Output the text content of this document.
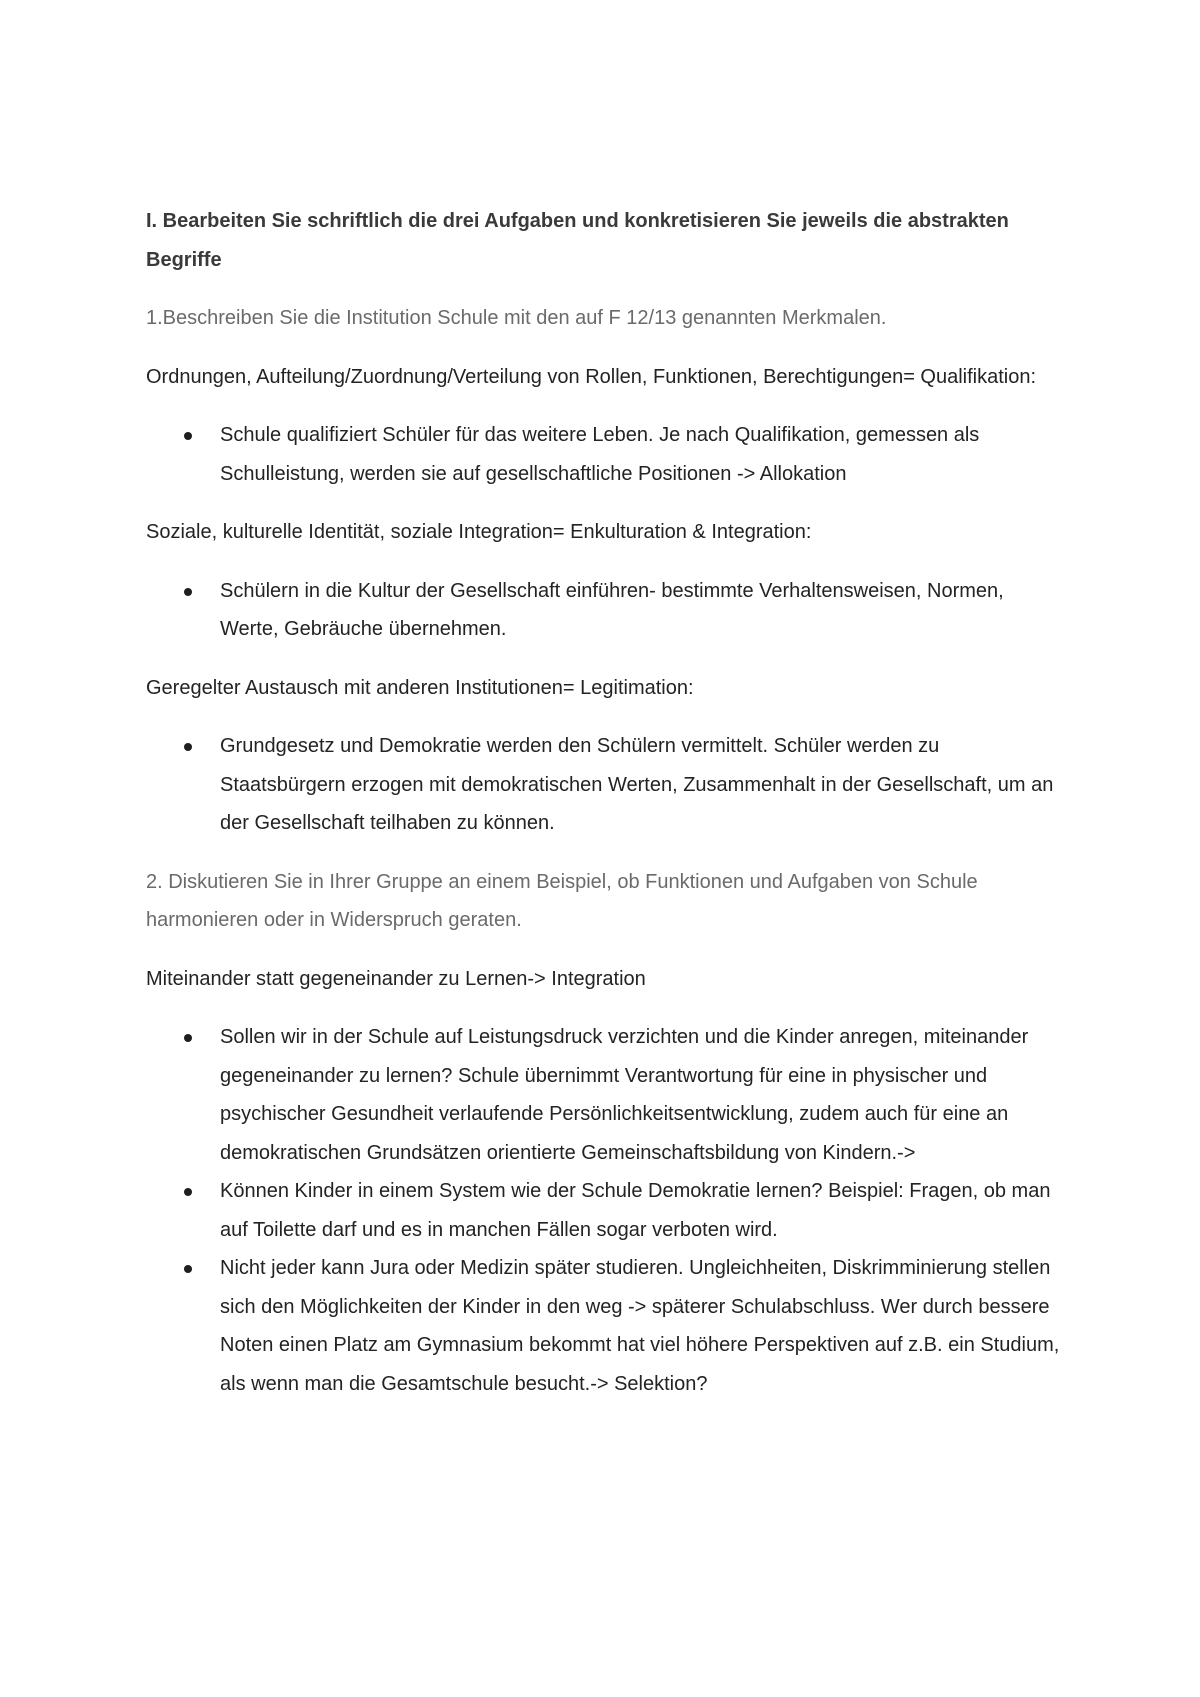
I. Bearbeiten Sie schriftlich die drei Aufgaben und konkretisieren Sie jeweils die abstrakten Begriffe

1.Beschreiben Sie die Institution Schule mit den auf F 12/13 genannten Merkmalen.

Ordnungen, Aufteilung/Zuordnung/Verteilung von Rollen, Funktionen, Berechtigungen= Qualifikation:

Schule qualifiziert Schüler für das weitere Leben. Je nach Qualifikation, gemessen als Schulleistung, werden sie auf gesellschaftliche Positionen -> Allokation

Soziale, kulturelle Identität, soziale Integration= Enkulturation & Integration:

Schülern in die Kultur der Gesellschaft einführen- bestimmte Verhaltensweisen, Normen, Werte, Gebräuche übernehmen.

Geregelter Austausch mit anderen Institutionen= Legitimation:

Grundgesetz und Demokratie werden den Schülern vermittelt. Schüler werden zu Staatsbürgern erzogen mit demokratischen Werten, Zusammenhalt in der Gesellschaft, um an der Gesellschaft teilhaben zu können.

2. Diskutieren Sie in Ihrer Gruppe an einem Beispiel, ob Funktionen und Aufgaben von Schule harmonieren oder in Widerspruch geraten.

Miteinander statt gegeneinander zu Lernen-> Integration

Sollen wir in der Schule auf Leistungsdruck verzichten und die Kinder anregen, miteinander gegeneinander zu lernen? Schule übernimmt Verantwortung für eine in physischer und psychischer Gesundheit verlaufende Persönlichkeitsentwicklung, zudem auch für eine an demokratischen Grundsätzen orientierte Gemeinschaftsbildung von Kindern.->
Können Kinder in einem System wie der Schule Demokratie lernen? Beispiel: Fragen, ob man auf Toilette darf und es in manchen Fällen sogar verboten wird.
Nicht jeder kann Jura oder Medizin später studieren. Ungleichheiten, Diskrimminierung stellen sich den Möglichkeiten der Kinder in den weg -> späterer Schulabschluss. Wer durch bessere Noten einen Platz am Gymnasium bekommt hat viel höhere Perspektiven auf z.B. ein Studium, als wenn man die Gesamtschule besucht.-> Selektion?
